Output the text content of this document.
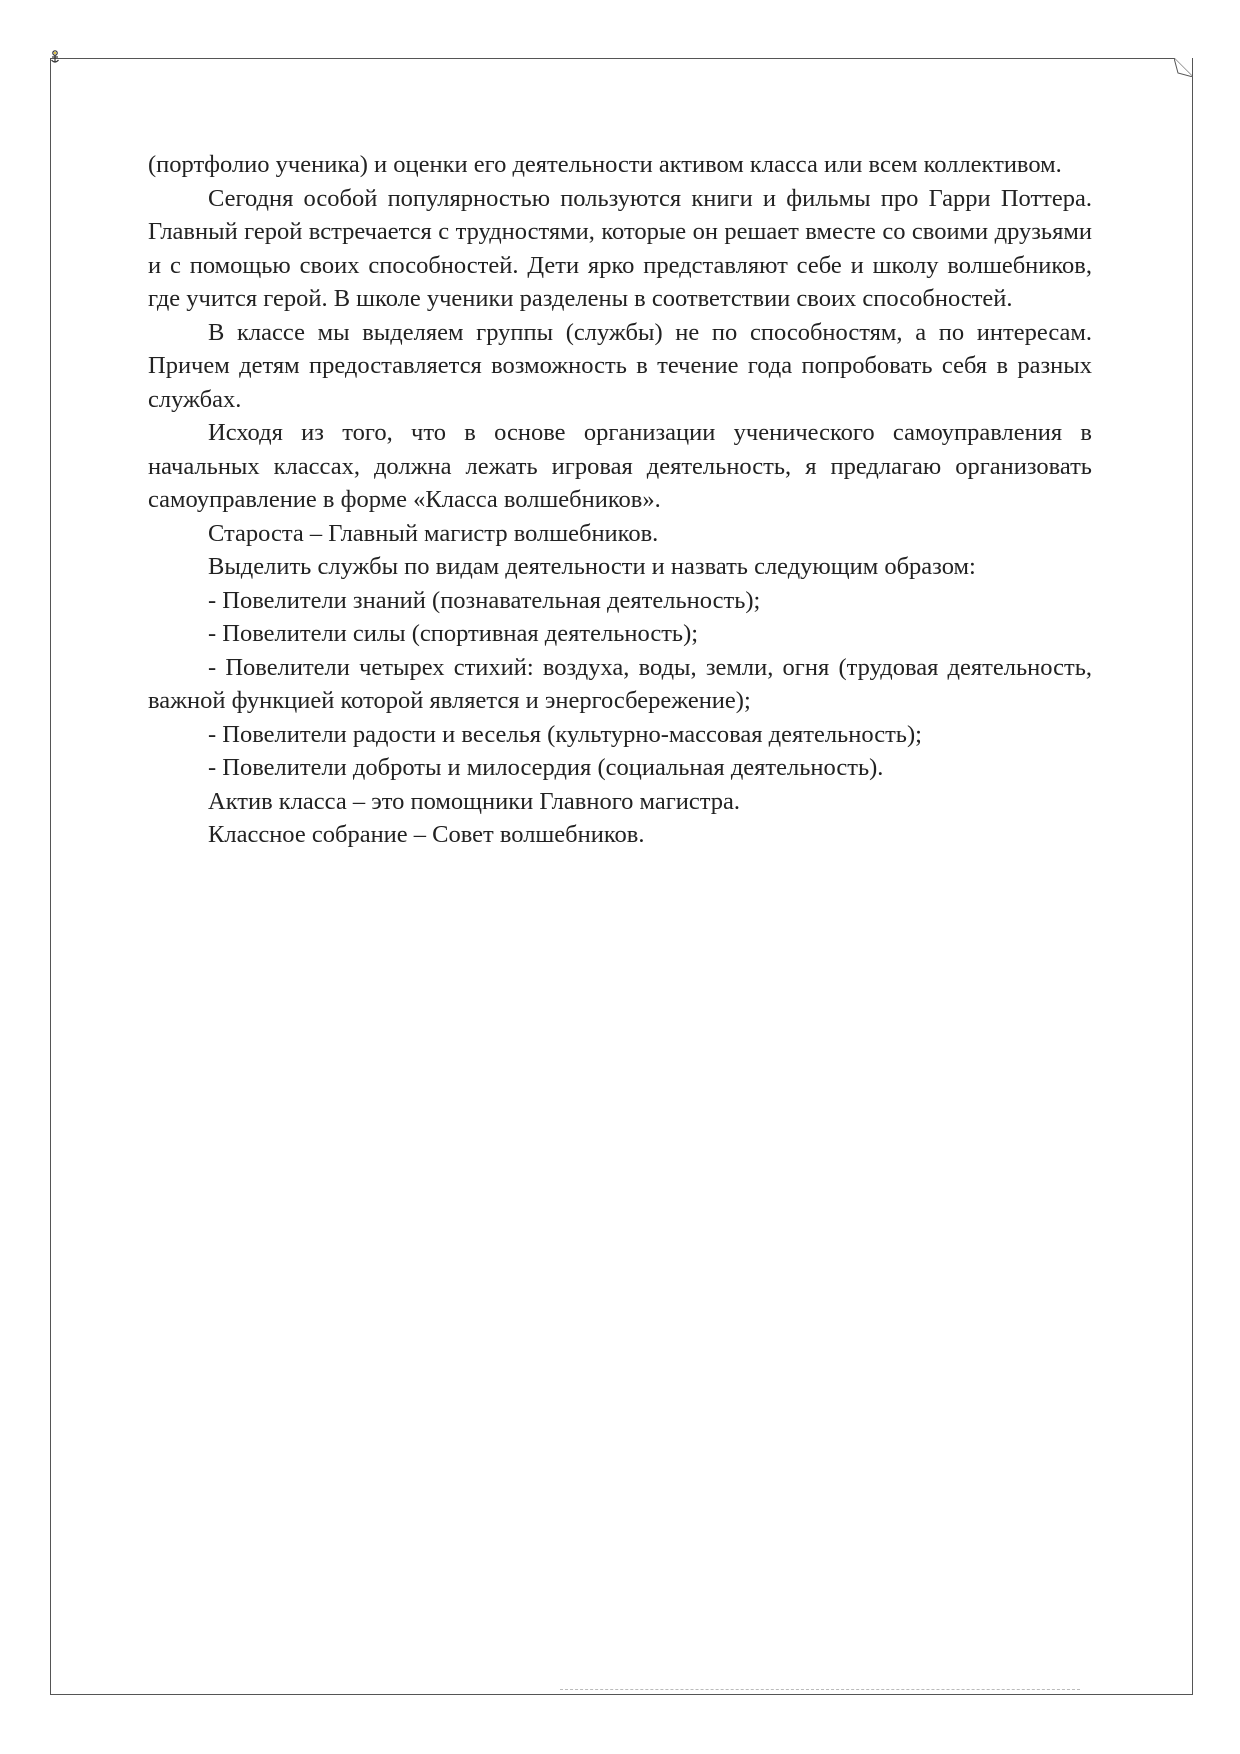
(портфолио ученика) и оценки его деятельности активом класса или всем коллективом.

Сегодня особой популярностью пользуются книги и фильмы про Гарри Поттера. Главный герой встречается с трудностями, которые он решает вместе со своими друзьями и с помощью своих способностей. Дети ярко представляют себе и школу волшебников, где учится герой. В школе ученики разделены в соответствии своих способностей.

В классе мы выделяем группы (службы) не по способностям, а по интересам. Причем детям предоставляется возможность в течение года попробовать себя в разных службах.

Исходя из того, что в основе организации ученического самоуправления в начальных классах, должна лежать игровая деятельность, я предлагаю организовать самоуправление в форме «Класса волшебников».

Староста – Главный магистр волшебников.

Выделить службы по видам деятельности и назвать следующим образом:

- Повелители знаний (познавательная деятельность);

- Повелители силы (спортивная деятельность);

- Повелители четырех стихий: воздуха, воды, земли, огня (трудовая деятельность, важной функцией которой является и энергосбережение);

- Повелители радости и веселья (культурно-массовая деятельность);

- Повелители доброты и милосердия (социальная деятельность).

Актив класса – это помощники Главного магистра.

Классное собрание – Совет волшебников.
